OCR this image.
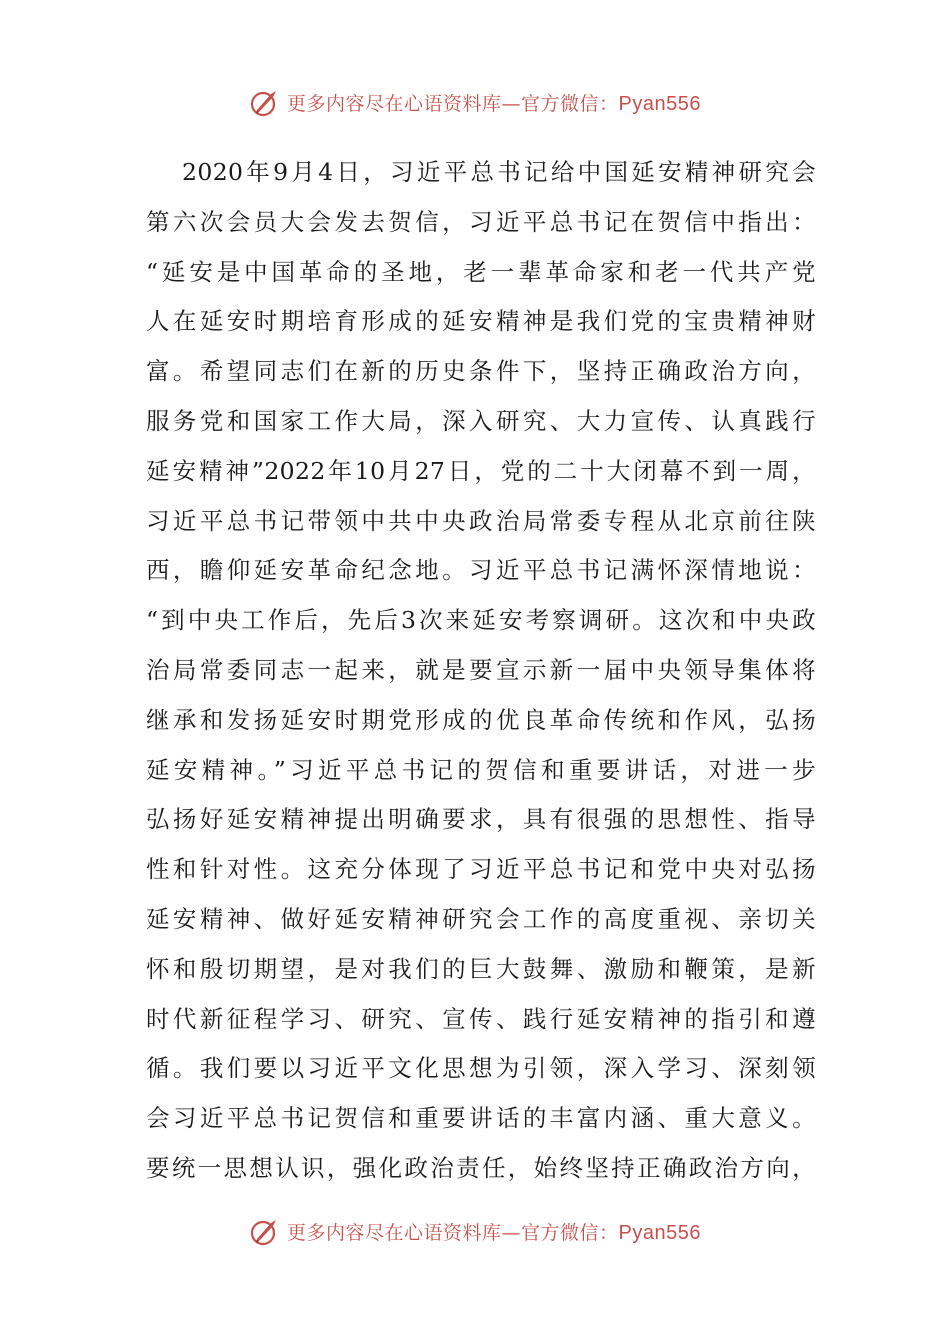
更多内容尽在心语资料库—官方微信：Pyan556
2020年9月4日，习近平总书记给中国延安精神研究会
第六次会员大会发去贺信，习近平总书记在贺信中指出：
“延安是中国革命的圣地，老一辈革命家和老一代共产党
人在延安时期培育形成的延安精神是我们党的宝贵精神财
富。希望同志们在新的历史条件下，坚持正确政治方向，
服务党和国家工作大局，深入研究、大力宣传、认真践行
延安精神”2022年10月27日，党的二十大闭幕不到一周，
习近平总书记带领中共中央政治局常委专程从北京前往陕
西，瞻仰延安革命纪念地。习近平总书记满怀深情地说：
“到中央工作后，先后3次来延安考察调研。这次和中央政
治局常委同志一起来，就是要宣示新一届中央领导集体将
继承和发扬延安时期党形成的优良革命传统和作风，弘扬
延安精神。”习近平总书记的贺信和重要讲话，对进一步
弘扬好延安精神提出明确要求，具有很强的思想性、指导
性和针对性。这充分体现了习近平总书记和党中央对弘扬
延安精神、做好延安精神研究会工作的高度重视、亲切关
怀和殷切期望，是对我们的巨大鼓舞、激励和鞭策，是新
时代新征程学习、研究、宣传、践行延安精神的指引和遵
循。我们要以习近平文化思想为引领，深入学习、深刻领
会习近平总书记贺信和重要讲话的丰富内涵、重大意义。
要统一思想认识，强化政治责任，始终坚持正确政治方向，
更多内容尽在心语资料库—官方微信：Pyan556
